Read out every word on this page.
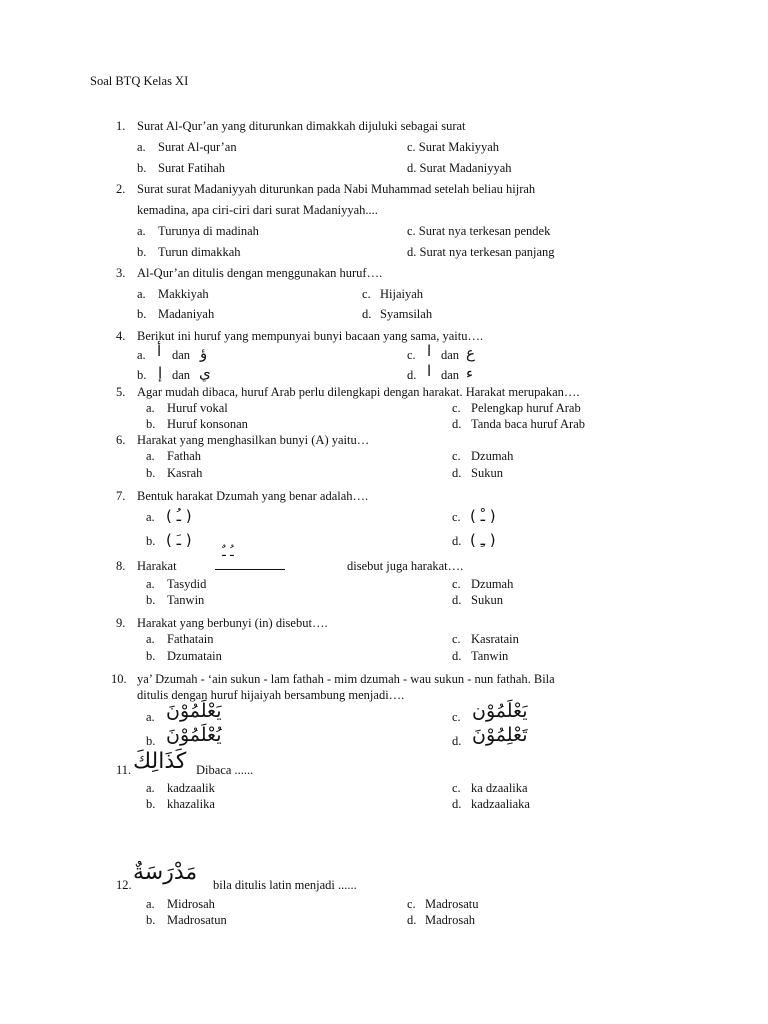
Soal BTQ Kelas XI
1. Surat Al-Qur’an yang diturunkan dimakkah dijuluki sebagai surat
a. Surat Al-qur’an
b. Surat Fatihah
c. Surat Makiyyah
d. Surat Madaniyyah
2. Surat surat Madaniyyah diturunkan pada Nabi Muhammad setelah beliau hijrah
kemadina, apa ciri-ciri dari surat Madaniyyah....
a. Turunya di madinah
b. Turun dimakkah
c. Surat nya terkesan pendek
d. Surat nya terkesan panjang
3. Al-Qur’an ditulis dengan menggunakan huruf….
a. Makkiyah
b. Madaniyah
c. Hijaiyah
d. Syamsilah
4. Berikut ini huruf yang mempunyai bunyi bacaan yang sama, yaitu….
a. أ dan ؤ
b. إ dan ي
c. ا dan ع
d. ا dan ء
5. Agar mudah dibaca, huruf Arab perlu dilengkapi dengan harakat. Harakat merupakan….
a. Huruf vokal
b. Huruf konsonan
c. Pelengkap huruf Arab
d. Tanda baca huruf Arab
6. Harakat yang menghasilkan bunyi (A) yaitu…
a. Fathah
b. Kasrah
c. Dzumah
d. Sukun
7. Bentuk harakat Dzumah yang benar adalah….
a. ( ـُ )
b. ( ـَ )
c. ( ـْ )
d. ( ـِ )
8. Harakat
ـُ ـٌ
disebut juga harakat….
a. Tasydid
b. Tanwin
c. Dzumah
d. Sukun
9. Harakat yang berbunyi (in) disebut….
a. Fathatain
b. Dzumatain
c. Kasratain
d. Tanwin
10. ya’ Dzumah - ‘ain sukun - lam fathah - mim dzumah - wau sukun - nun fathah. Bila
ditulis dengan huruf hijaiyah bersambung menjadi….
a. يَعْلَمُوْنَ
b. يُعْلَمُوْنَ
c. يَعْلَمُوْن
d. تَعْلِمُوْنَ
11. كَذَالِكَ Dibaca ......
a. kadzaalik
b. khazalika
c. ka dzaalika
d. kadzaaliaka
12. مَدْرَسَةٌ bila ditulis latin menjadi ......
a. Midrosah
b. Madrosatun
c. Madrosatu
d. Madrosah
